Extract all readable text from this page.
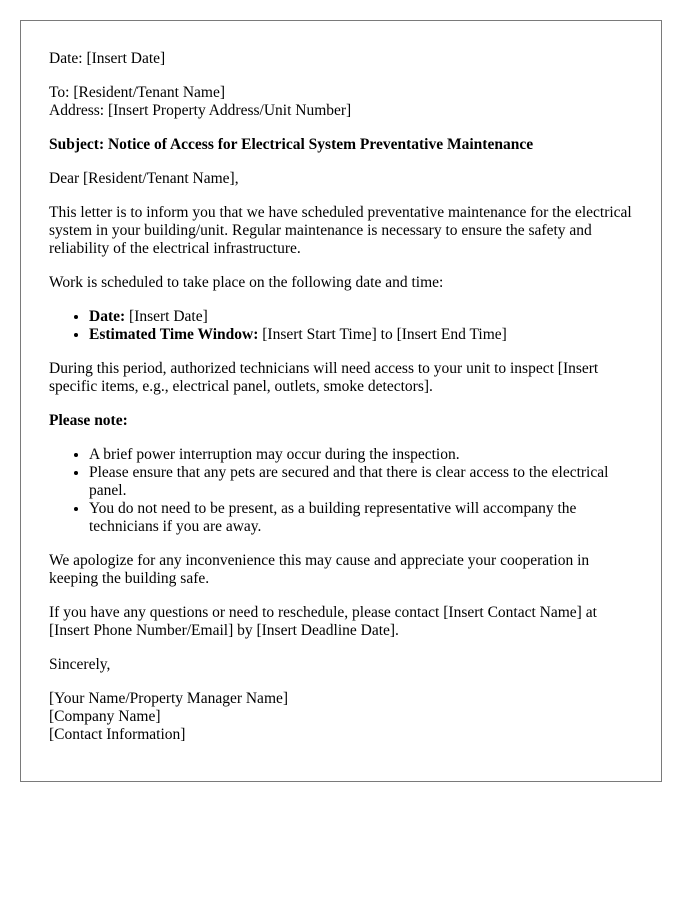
Date: [Insert Date]

To: [Resident/Tenant Name]
Address: [Insert Property Address/Unit Number]

Subject: Notice of Access for Electrical System Preventative Maintenance

Dear [Resident/Tenant Name],

This letter is to inform you that we have scheduled preventative maintenance for the electrical system in your building/unit. Regular maintenance is necessary to ensure the safety and reliability of the electrical infrastructure.

Work is scheduled to take place on the following date and time:

• Date: [Insert Date]
• Estimated Time Window: [Insert Start Time] to [Insert End Time]

During this period, authorized technicians will need access to your unit to inspect [Insert specific items, e.g., electrical panel, outlets, smoke detectors].

Please note:

• A brief power interruption may occur during the inspection.
• Please ensure that any pets are secured and that there is clear access to the electrical panel.
• You do not need to be present, as a building representative will accompany the technicians if you are away.

We apologize for any inconvenience this may cause and appreciate your cooperation in keeping the building safe.

If you have any questions or need to reschedule, please contact [Insert Contact Name] at [Insert Phone Number/Email] by [Insert Deadline Date].

Sincerely,

[Your Name/Property Manager Name]
[Company Name]
[Contact Information]
